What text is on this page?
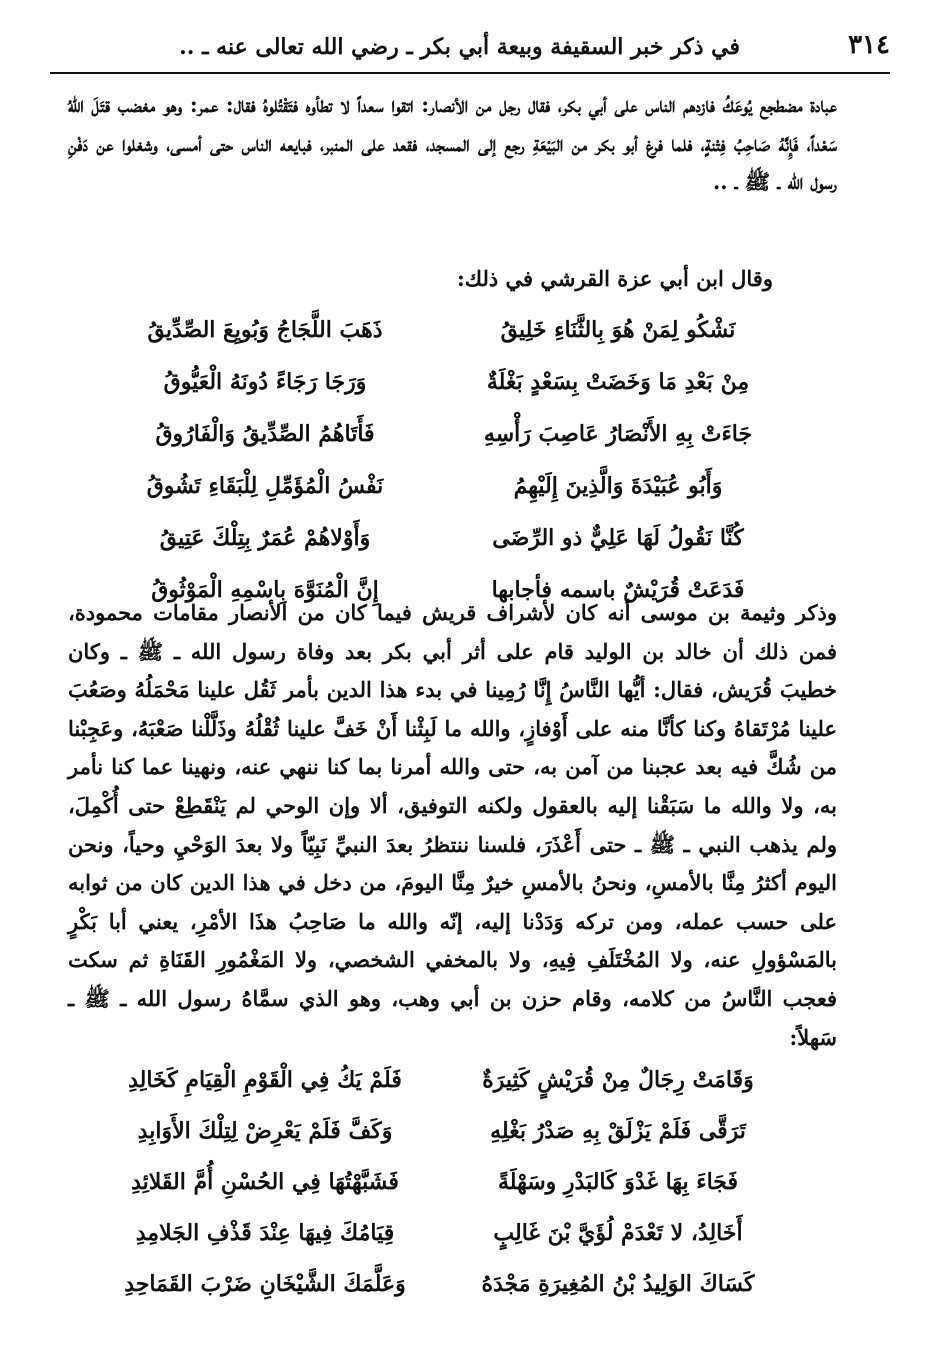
٣١٤
في ذكر خبر السقيفة وبيعة أبي بكر ـ رضي الله تعالى عنه ـ ..
عبادة مضطجع يُوعَكُ فازدهم الناس على أبي بكر، فقال رجل من الأنصار: اتقوا سعداً لا تطأوه فتَقْتُلوهُ فقال: عمر: وهو مغضب قتَلَ اللّهُ سَعْداً، فَإِنَّهُ صَاحِبُ فِتْنةٍ، فلما فرغ أبو بكر من البَيْعَةِ رجع إلى المسجد، فقعد على المنبر، فبايعه الناس حتى أمسى، وشغلوا عن دَفْنِ رسول الله ـ ﷺ ـ ..
وقال ابن أبي عزة القرشي في ذلك:
نَشْكُو لِمَنْ هُوَ بِالثَّنَاءِ خَلِيقُ
ذَهَبَ اللَّجَاجُ وَبُويِعَ الصِّدِّيقُ
مِنْ بَعْدِ مَا وَخَضَتْ بِسَعْدٍ بَغْلَةٌ
وَرَجَا رَجَاءً دُونَهُ الْعَيُّوقُ
جَاءَتْ بِهِ الأَنْصَارُ عَاصِبَ رَأْسِهِ
فَأَتَاهُمُ الصِّدِّيقُ وَالْفَارُوقُ
وَأَبُو عُبَيْدَةَ وَالَّذِينَ إِلَيْهِمُ
نَفْسُ الْمُؤَمِّلِ لِلْبَقَاءِ تَشُوقُ
كُنَّا نَقُولُ لَهَا عَلِيٌّ ذو الرِّضَى
وَأَوْلاهُمْ عُمَرٌ بِتِلْكَ عَتِيقُ
فَدَعَتْ قُرَيْشٌ باسمه فأجابها
إِنَّ الْمُنَوَّهَ بِاسْمِهِ الْمَوْثُوقُ
وذكر وثيمة بن موسى أنه كان لأشراف قريش فيما كان من الأنصار مقامات محمودة، فمن ذلك أن خالد بن الوليد قام على أثر أبي بكر بعد وفاة رسول الله ـ ﷺ ـ وكان خطيبَ قُرَيش، فقال: أيُّها النَّاسُ إِنَّا رُمِينا في بدء هذا الدين بأمر ثَقُل علينا مَحْمَلُهُ وصَعُبَ علينا مُرْتَقاهُ وكنا كأنَّا منه على أَوْفازٍ، والله ما لَبِثْنا أَنْ خَفَّ علينا ثُقْلُهُ وذَلَّلْنا صَعْبَهُ، وعَجِبْنا من شُكَّ فيه بعد عجبنا من آمن به، حتى والله أمرنا بما كنا ننهي عنه، ونهينا عما كنا نأمر به، ولا والله ما سَبَقْنا إليه بالعقول ولكنه التوفيق، ألا وإن الوحي لم يَنْقَطِعْ حتى أُكْمِلَ، ولم يذهب النبي ـ ﷺ ـ حتى أَعْذَرَ، فلسنا ننتظرُ بعدَ النبيِّ نَبِيّاً ولا بعدَ الوَحْيِ وحياً، ونحن اليوم أكثرُ مِنَّا بالأمسِ، ونحنُ بالأمسِ خيرٌ مِنَّا اليومَ، من دخل في هذا الدين كان من ثوابه على حسب عمله، ومن تركه وَدَدْنا إليه، إنّه والله ما صَاحِبُ هذَا الأمْرِ، يعني أبا بَكْرٍ بالمَسْؤولِ عنه، ولا المُخْتَلَفِ فِيهِ، ولا بالمخفي الشخصي، ولا المَغْمُورِ القَنَاةِ ثم سكت فعجب النَّاسُ من كلامه، وقام حزن بن أبي وهب، وهو الذي سمَّاهُ رسول الله ـ ﷺ ـ سَهلاً:
وَقَامَتْ رِجَالٌ مِنْ قُرَيْشٍ كَثِيرَةٌ
فَلَمْ يَكُ فِي الْقَوْمِ الْقِيَامِ كَخَالِدِ
تَرَقَّى فَلَمْ يَزْلَقْ بِهِ صَدْرُ بَغْلِهِ
وَكَفَّ فَلَمْ يَعْرِضْ لِتِلْكَ الأَوَابِدِ
فَجَاءَ بِهَا غَدْوَ كَالبَدْرِ وسَهْلَةً
فَشَبَّهْتُهَا فِي الحُسْنِ أُمَّ القَلائِدِ
أَخَالِدُ، لا تَعْدَمْ لُؤَيَّ بْنَ غَالِبٍ
قِيَامُكَ فِيهَا عِنْدَ قَذْفِ الجَلامِدِ
كَسَاكَ الوَلِيدُ بْنُ المُغِيرَةِ مَجْدَهُ
وَعَلَّمَكَ الشَّيْخَانِ ضَرْبَ القَمَاحِدِ
